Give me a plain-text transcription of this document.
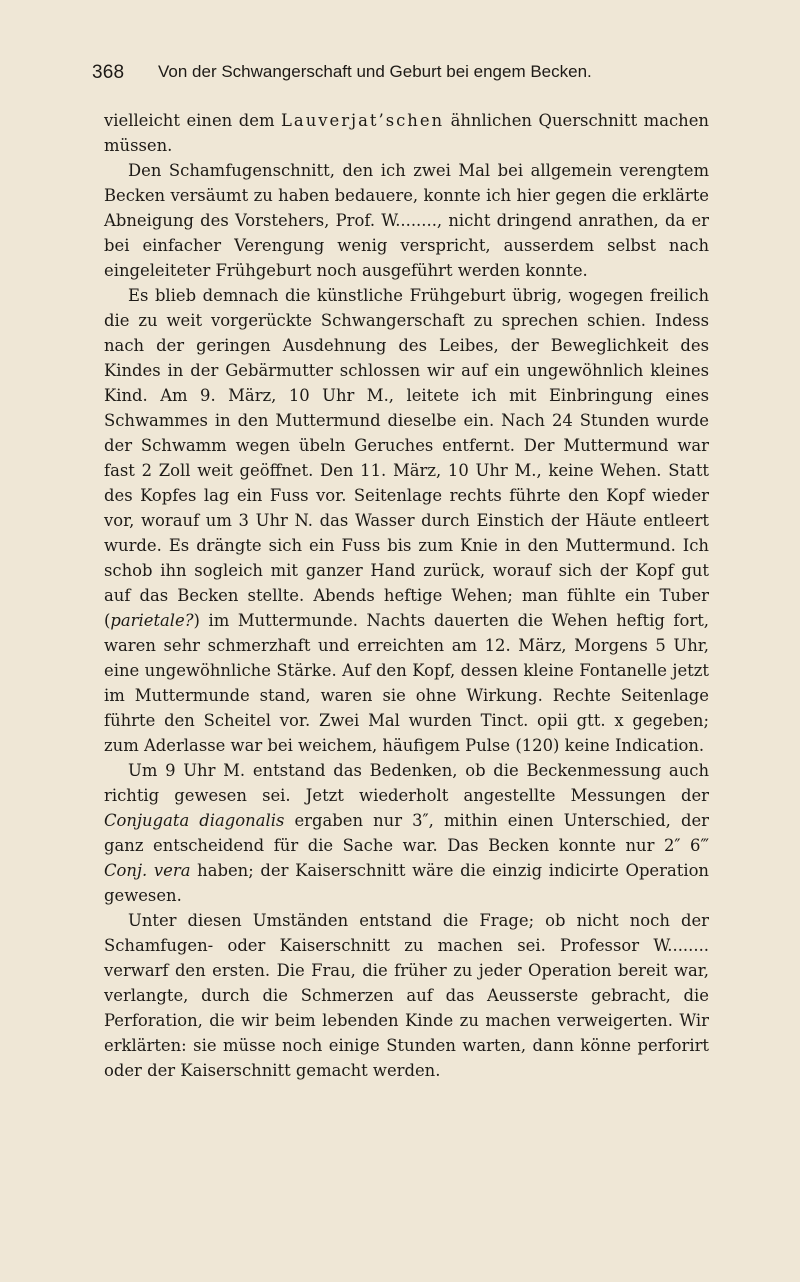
368 Von der Schwangerschaft und Geburt bei engem Becken.

vielleicht einen dem Lauverjat’schen ähnlichen Querschnitt machen müssen.

Den Schamfugenschnitt, den ich zwei Mal bei allgemein verengtem Becken versäumt zu haben bedauere, konnte ich hier gegen die erklärte Abneigung des Vorstehers, Prof. W........, nicht dringend anrathen, da er bei einfacher Verengung wenig verspricht, ausserdem selbst nach eingeleiteter Frühgeburt noch ausgeführt werden konnte.

Es blieb demnach die künstliche Frühgeburt übrig, wogegen freilich die zu weit vorgerückte Schwangerschaft zu sprechen schien. Indess nach der geringen Ausdehnung des Leibes, der Beweglichkeit des Kindes in der Gebärmutter schlossen wir auf ein ungewöhnlich kleines Kind. Am 9. März, 10 Uhr M., leitete ich mit Einbringung eines Schwammes in den Muttermund dieselbe ein. Nach 24 Stunden wurde der Schwamm wegen übeln Geruches entfernt. Der Muttermund war fast 2 Zoll weit geöffnet. Den 11. März, 10 Uhr M., keine Wehen. Statt des Kopfes lag ein Fuss vor. Seitenlage rechts führte den Kopf wieder vor, worauf um 3 Uhr N. das Wasser durch Einstich der Häute entleert wurde. Es drängte sich ein Fuss bis zum Knie in den Muttermund. Ich schob ihn sogleich mit ganzer Hand zurück, worauf sich der Kopf gut auf das Becken stellte. Abends heftige Wehen; man fühlte ein Tuber (parietale?) im Muttermunde. Nachts dauerten die Wehen heftig fort, waren sehr schmerzhaft und erreichten am 12. März, Morgens 5 Uhr, eine ungewöhnliche Stärke. Auf den Kopf, dessen kleine Fontanelle jetzt im Muttermunde stand, waren sie ohne Wirkung. Rechte Seitenlage führte den Scheitel vor. Zwei Mal wurden Tinct. opii gtt. x gegeben; zum Aderlasse war bei weichem, häufigem Pulse (120) keine Indication.

Um 9 Uhr M. entstand das Bedenken, ob die Beckenmessung auch richtig gewesen sei. Jetzt wiederholt angestellte Messungen der Conjugata diagonalis ergaben nur 3″, mithin einen Unterschied, der ganz entscheidend für die Sache war. Das Becken konnte nur 2″ 6‴ Conj. vera haben; der Kaiserschnitt wäre die einzig indicirte Operation gewesen.

Unter diesen Umständen entstand die Frage; ob nicht noch der Schamfugen- oder Kaiserschnitt zu machen sei. Professor W........ verwarf den ersten. Die Frau, die früher zu jeder Operation bereit war, verlangte, durch die Schmerzen auf das Aeusserste gebracht, die Perforation, die wir beim lebenden Kinde zu machen verweigerten. Wir erklärten: sie müsse noch einige Stunden warten, dann könne perforirt oder der Kaiserschnitt gemacht werden.
